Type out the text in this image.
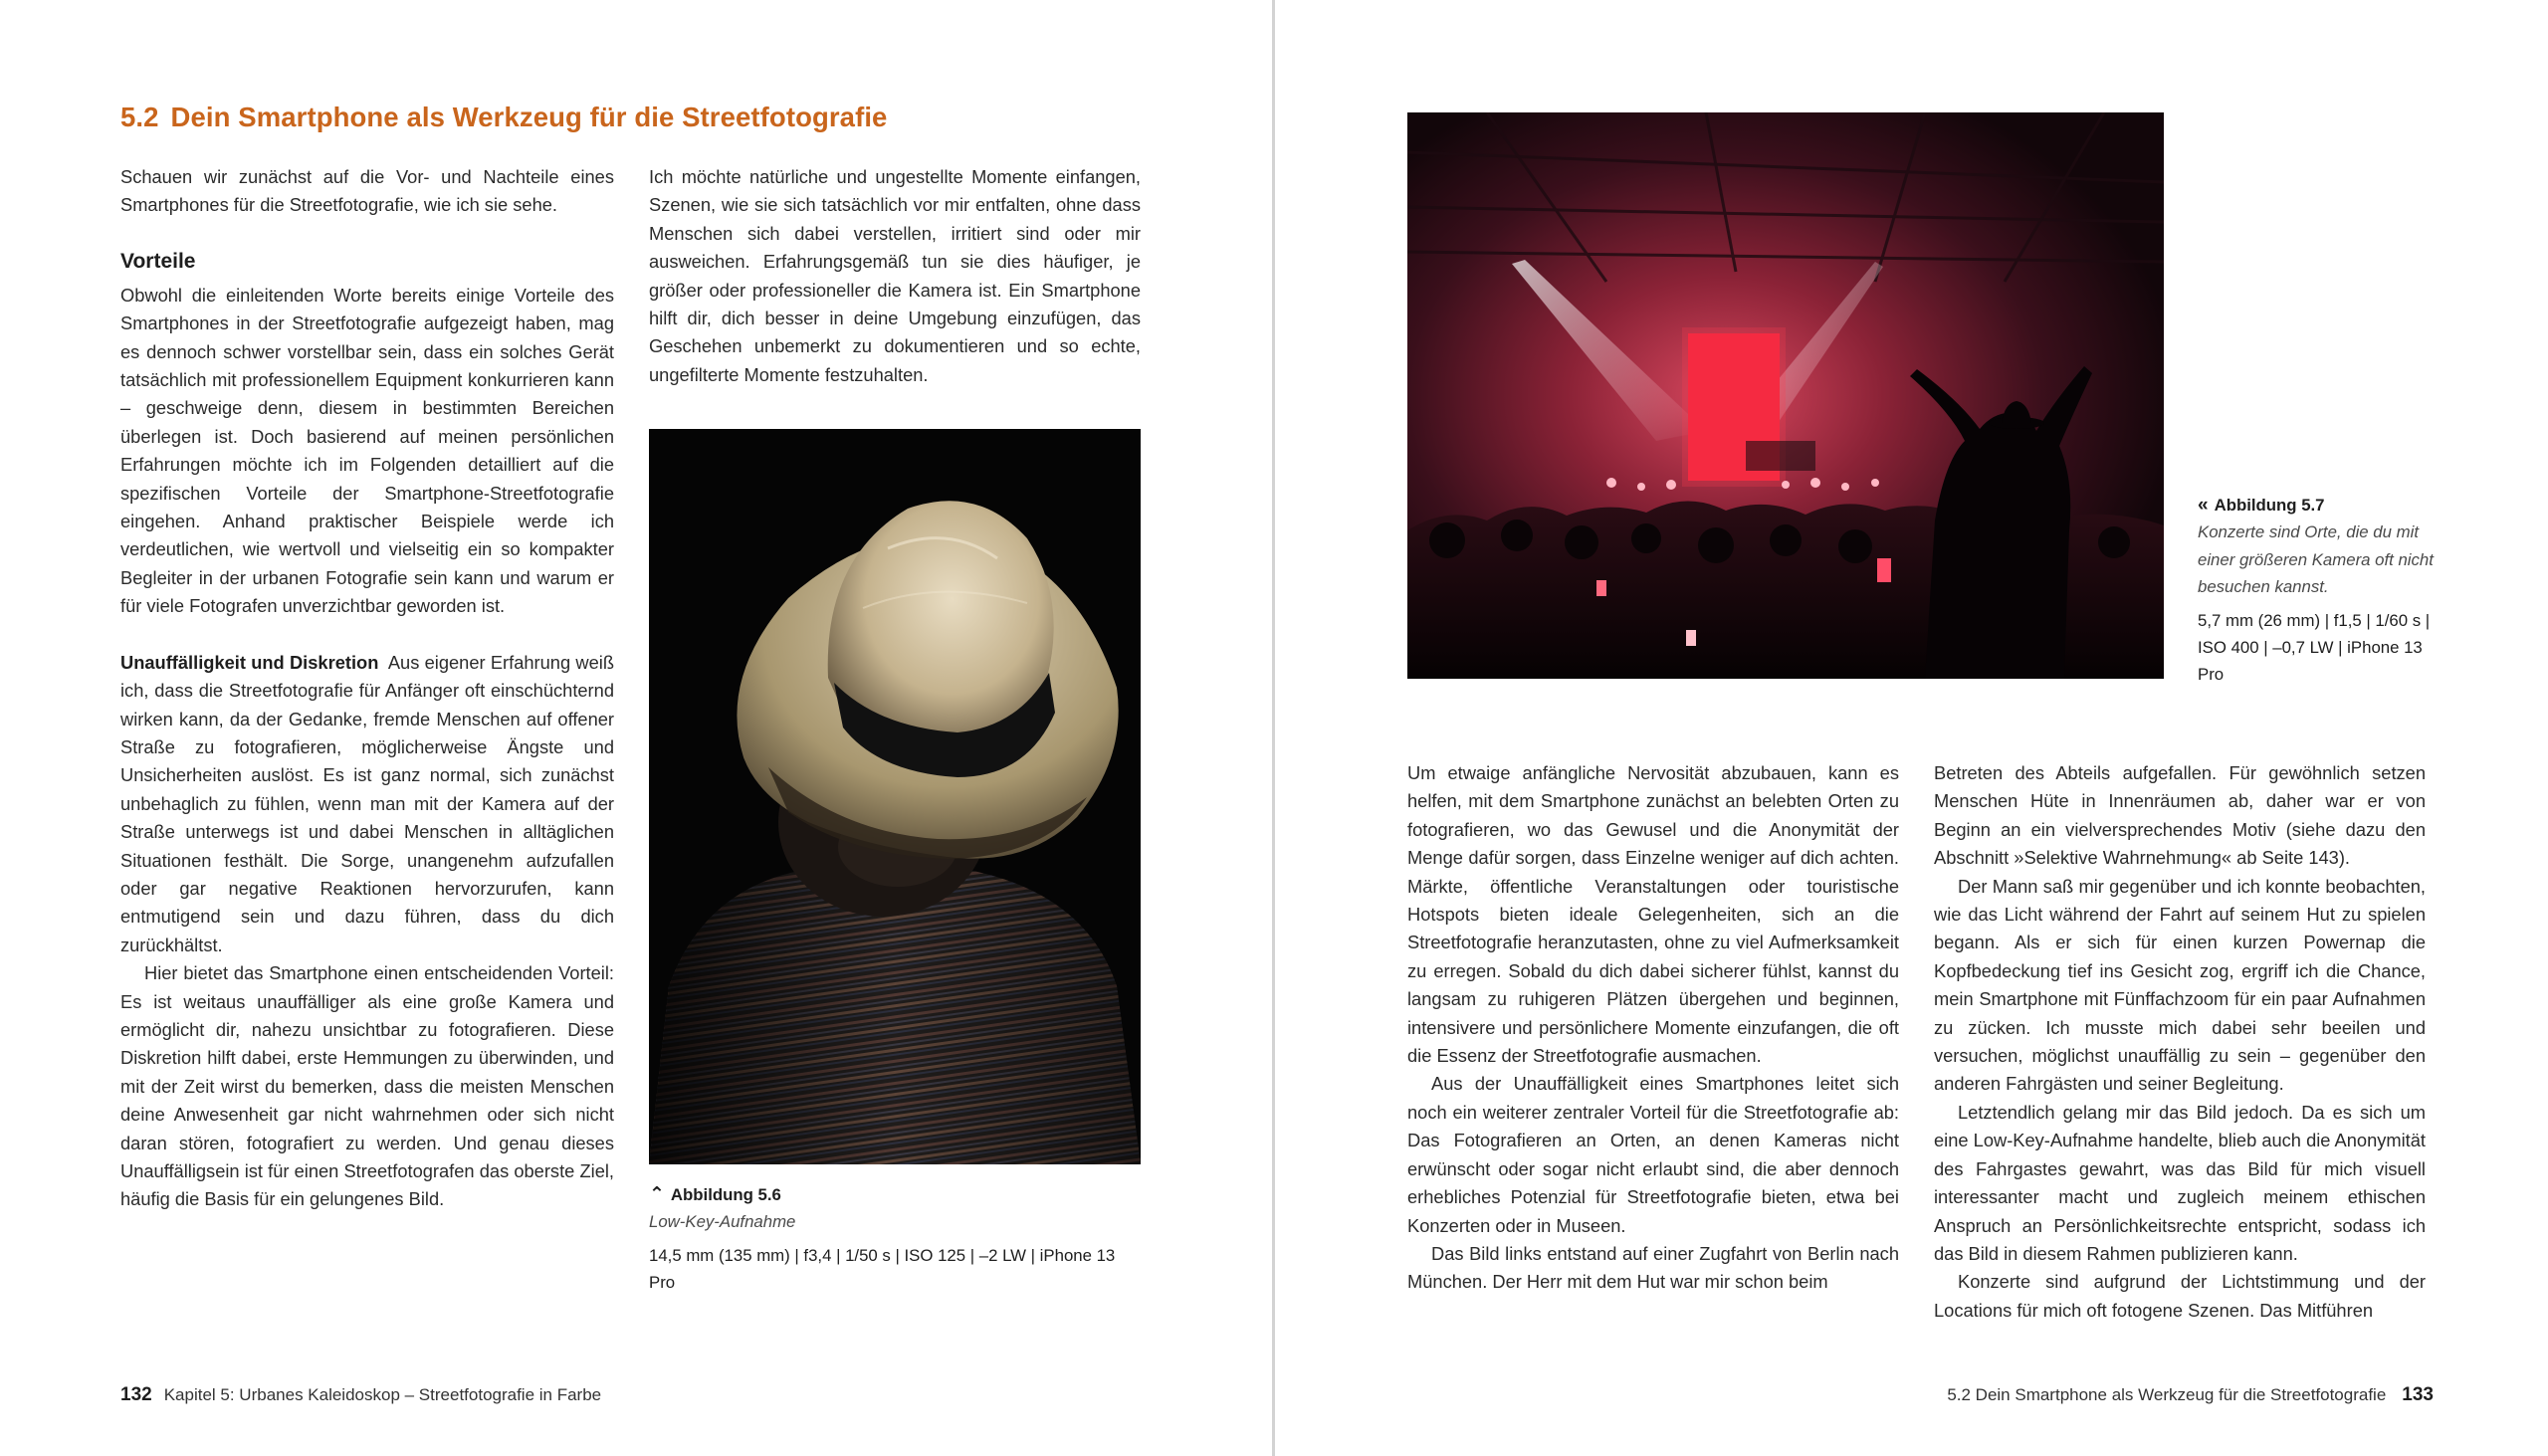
5.2 Dein Smartphone als Werkzeug für die Streetfotografie

Schauen wir zunächst auf die Vor- und Nachteile eines Smartphones für die Streetfotografie, wie ich sie sehe.

Vorteile

Obwohl die einleitenden Worte bereits einige Vorteile des Smartphones in der Streetfotografie aufgezeigt haben, mag es dennoch schwer vorstellbar sein, dass ein solches Gerät tatsächlich mit professionellem Equipment konkurrieren kann – geschweige denn, diesem in bestimmten Bereichen überlegen ist. Doch basierend auf meinen persönlichen Erfahrungen möchte ich im Folgenden detailliert auf die spezifischen Vorteile der Smartphone-Streetfotografie eingehen. Anhand praktischer Beispiele werde ich verdeutlichen, wie wertvoll und vielseitig ein so kompakter Begleiter in der urbanen Fotografie sein kann und warum er für viele Fotografen unverzichtbar geworden ist.

Unauffälligkeit und Diskretion Aus eigener Erfahrung weiß ich, dass die Streetfotografie für Anfänger oft einschüchternd wirken kann, da der Gedanke, fremde Menschen auf offener Straße zu fotografieren, möglicherweise Ängste und Unsicherheiten auslöst. Es ist ganz normal, sich zunächst unbehaglich zu fühlen, wenn man mit der Kamera auf der Straße unterwegs ist und dabei Menschen in alltäglichen Situationen festhält. Die Sorge, unangenehm aufzufallen oder gar negative Reaktionen hervorzurufen, kann entmutigend sein und dazu führen, dass du dich zurückhältst.

Hier bietet das Smartphone einen entscheidenden Vorteil: Es ist weitaus unauffälliger als eine große Kamera und ermöglicht dir, nahezu unsichtbar zu fotografieren. Diese Diskretion hilft dabei, erste Hemmungen zu überwinden, und mit der Zeit wirst du bemerken, dass die meisten Menschen deine Anwesenheit gar nicht wahrnehmen oder sich nicht daran stören, fotografiert zu werden. Und genau dieses Unauffälligsein ist für einen Streetfotografen das oberste Ziel, häufig die Basis für ein gelungenes Bild.

Ich möchte natürliche und ungestellte Momente einfangen, Szenen, wie sie sich tatsächlich vor mir entfalten, ohne dass Menschen sich dabei verstellen, irritiert sind oder mir ausweichen. Erfahrungsgemäß tun sie dies häufiger, je größer oder professioneller die Kamera ist. Ein Smartphone hilft dir, dich besser in deine Umgebung einzufügen, das Geschehen unbemerkt zu dokumentieren und so echte, ungefilterte Momente festzuhalten.

⌃​ Abbildung 5.6
Low-Key-Aufnahme
14,5 mm (135 mm) | f3,4 | 1/50 s | ISO 125 | –2 LW | iPhone 13 Pro
132 Kapitel 5: Urbanes Kaleidoskop – Streetfotografie in Farbe
« Abbildung 5.7
Konzerte sind Orte, die du mit einer größeren Kamera oft nicht besuchen kannst.
5,7 mm (26 mm) | f1,5 | 1/60 s | ISO 400 | –0,7 LW | iPhone 13 Pro

Um etwaige anfängliche Nervosität abzubauen, kann es helfen, mit dem Smartphone zunächst an belebten Orten zu fotografieren, wo das Gewusel und die Anonymität der Menge dafür sorgen, dass Einzelne weniger auf dich achten. Märkte, öffentliche Veranstaltungen oder touristische Hotspots bieten ideale Gelegenheiten, sich an die Streetfotografie heranzutasten, ohne zu viel Aufmerksamkeit zu erregen. Sobald du dich dabei sicherer fühlst, kannst du langsam zu ruhigeren Plätzen übergehen und beginnen, intensivere und persönlichere Momente einzufangen, die oft die Essenz der Streetfotografie ausmachen.

Aus der Unauffälligkeit eines Smartphones leitet sich noch ein weiterer zentraler Vorteil für die Streetfotografie ab: Das Fotografieren an Orten, an denen Kameras nicht erwünscht oder sogar nicht erlaubt sind, die aber dennoch erhebliches Potenzial für Streetfotografie bieten, etwa bei Konzerten oder in Museen.

Das Bild links entstand auf einer Zugfahrt von Berlin nach München. Der Herr mit dem Hut war mir schon beim

Betreten des Abteils aufgefallen. Für gewöhnlich setzen Menschen Hüte in Innenräumen ab, daher war er von Beginn an ein vielversprechendes Motiv (siehe dazu den Abschnitt »Selektive Wahrnehmung« ab Seite 143).

Der Mann saß mir gegenüber und ich konnte beobachten, wie das Licht während der Fahrt auf seinem Hut zu spielen begann. Als er sich für einen kurzen Powernap die Kopfbedeckung tief ins Gesicht zog, ergriff ich die Chance, mein Smartphone mit Fünffachzoom für ein paar Aufnahmen zu zücken. Ich musste mich dabei sehr beeilen und versuchen, möglichst unauffällig zu sein – gegenüber den anderen Fahrgästen und seiner Begleitung.

Letztendlich gelang mir das Bild jedoch. Da es sich um eine Low-Key-Aufnahme handelte, blieb auch die Anonymität des Fahrgastes gewahrt, was das Bild für mich visuell interessanter macht und zugleich meinem ethischen Anspruch an Persönlichkeitsrechte entspricht, sodass ich das Bild in diesem Rahmen publizieren kann.

Konzerte sind aufgrund der Lichtstimmung und der Locations für mich oft fotogene Szenen. Das Mitführen

5.2 Dein Smartphone als Werkzeug für die Streetfotografie 133
